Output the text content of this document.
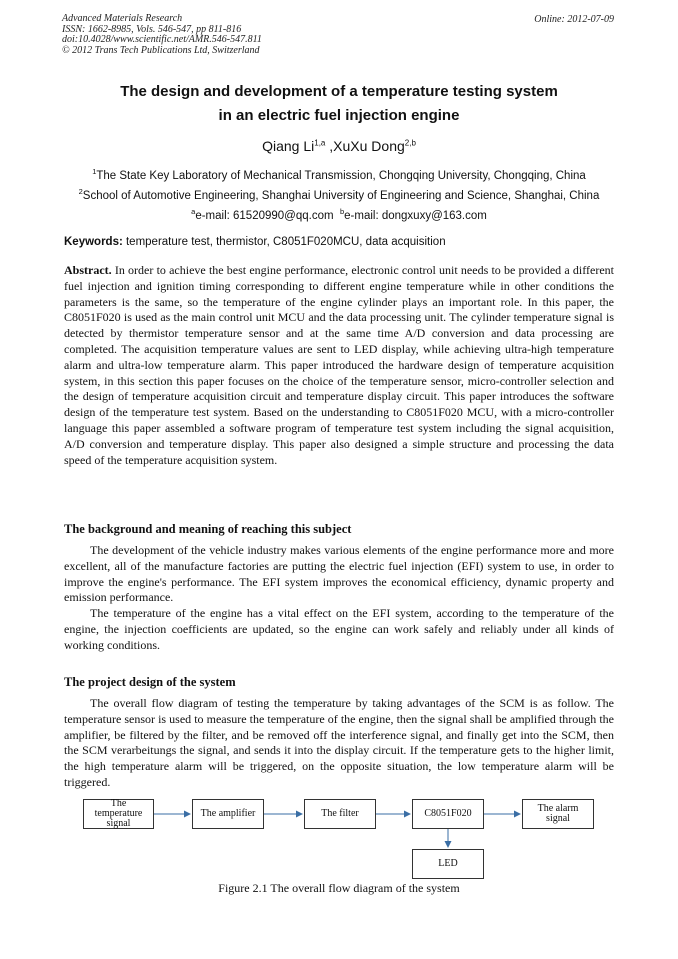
Advanced Materials Research
ISSN: 1662-8985, Vols. 546-547, pp 811-816
doi:10.4028/www.scientific.net/AMR.546-547.811
© 2012 Trans Tech Publications Ltd, Switzerland
Online: 2012-07-09
The design and development of a temperature testing system
in an electric fuel injection engine
Qiang Li$^{1,a}$ ,XuXu Dong$^{2,b}$
$^1$The State Key Laboratory of Mechanical Transmission, Chongqing University, Chongqing, China
$^2$School of Automotive Engineering, Shanghai University of Engineering and Science, Shanghai, China
$^a$e-mail: 61520990@qq.com $^b$e-mail: dongxuxy@163.com
Keywords: temperature test, thermistor, C8051F020MCU, data acquisition
Abstract. In order to achieve the best engine performance, electronic control unit needs to be provided a different fuel injection and ignition timing corresponding to different engine temperature while in other conditions the parameters is the same, so the temperature of the engine cylinder plays an important role. In this paper, the C8051F020 is used as the main control unit MCU and the data processing unit. The cylinder temperature signal is detected by thermistor temperature sensor and at the same time A/D conversion and data processing are completed. The acquisition temperature values are sent to LED display, while achieving ultra-high temperature alarm and ultra-low temperature alarm. This paper introduced the hardware design of temperature acquisition system, in this section this paper focuses on the choice of the temperature sensor, micro-controller selection and the design of temperature acquisition circuit and temperature display circuit. This paper introduces the software design of the temperature test system. Based on the understanding to C8051F020 MCU, with a micro-controller language this paper assembled a software program of temperature test system including the signal acquisition, A/D conversion and temperature display. This paper also designed a simple structure and processing the data speed of the temperature acquisition system.
The background and meaning of reaching this subject

The development of the vehicle industry makes various elements of the engine performance more and more excellent, all of the manufacture factories are putting the electric fuel injection (EFI) system to use, in order to improve the engine's performance. The EFI system improves the economical efficiency, dynamic property and emission performance.

The temperature of the engine has a vital effect on the EFI system, according to the temperature of the engine, the injection coefficients are updated, so the engine can work safely and reliably under all kinds of working conditions.

The project design of the system

The overall flow diagram of testing the temperature by taking advantages of the SCM is as follow. The temperature sensor is used to measure the temperature of the engine, then the signal shall be amplified through the amplifier, be filtered by the filter, and be removed off the interference signal, and finally get into the SCM, then the SCM verarbeitungs the signal, and sends it into the display circuit. If the temperature gets to the higher limit, the high temperature alarm will be triggered, on the opposite situation, the low temperature alarm will be triggered.

The temperature signal
The amplifier	The filter	C8051F020	The alarm signal
LED
Figure 2.1 The overall flow diagram of the system
